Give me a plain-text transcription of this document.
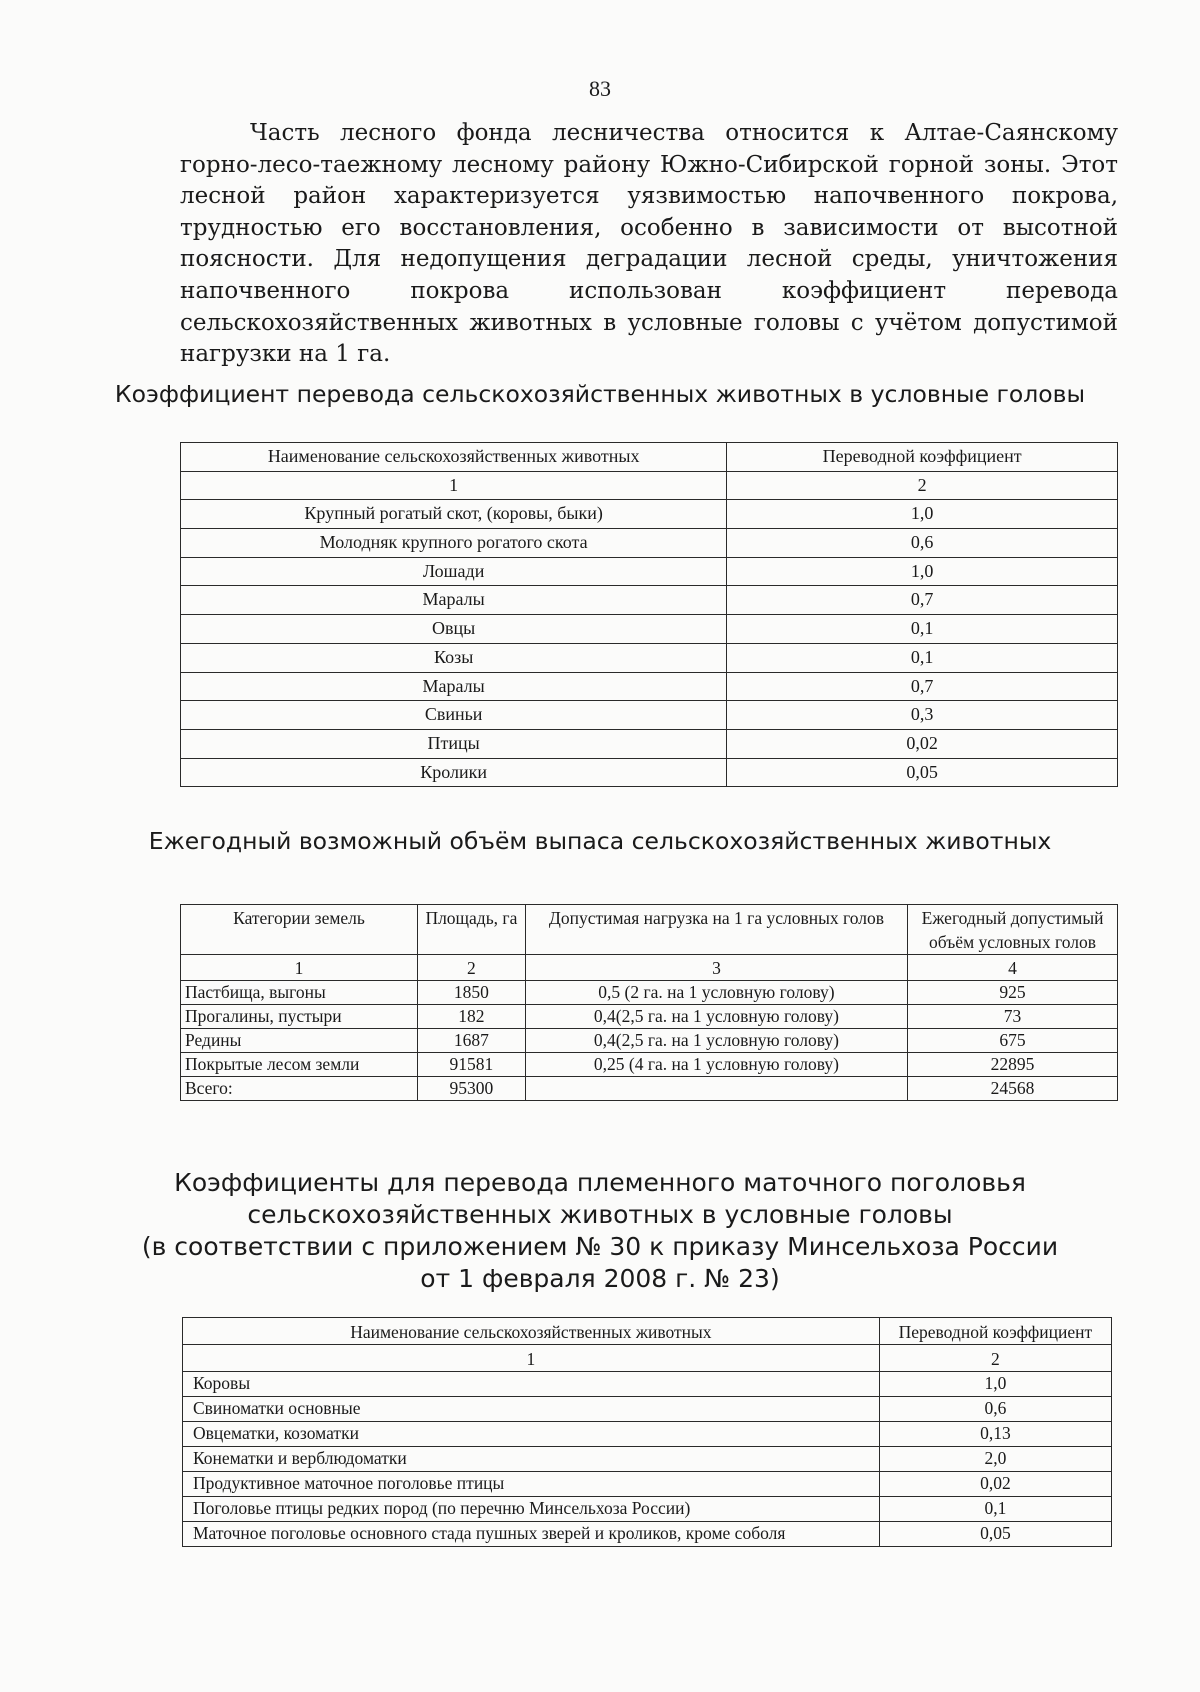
83

Часть лесного фонда лесничества относится к Алтае-Саянскому горно-лесо-таежному лесному району Южно-Сибирской горной зоны. Этот лесной район характеризуется уязвимостью напочвенного покрова, трудностью его восстановления, особенно в зависимости от высотной поясности. Для недопущения деградации лесной среды, уничтожения напочвенного покрова использован коэффициент перевода сельскохозяйственных животных в условные головы с учётом допустимой нагрузки на 1 га.

Коэффициент перевода сельскохозяйственных животных в условные головы
Наименование сельскохозяйственных животных	Переводной коэффициент
1	2
Крупный рогатый скот, (коровы, быки)	1,0
Молодняк крупного рогатого скота	0,6
Лошади	1,0
Маралы	0,7
Овцы	0,1
Козы	0,1
Маралы	0,7
Свиньи	0,3
Птицы	0,02
Кролики	0,05
Ежегодный возможный объём выпаса сельскохозяйственных животных
Категории земель	Площадь, га	Допустимая нагрузка на 1 га условных голов	Ежегодный допустимый объём условных голов
1	2	3	4
Пастбища, выгоны	1850	0,5 (2 га. на 1 условную голову)	925
Прогалины, пустыри	182	0,4(2,5 га. на 1 условную голову)	73
Редины	1687	0,4(2,5 га. на 1 условную голову)	675
Покрытые лесом земли	91581	0,25 (4 га. на 1 условную голову)	22895
Всего:	95300		24568
Коэффициенты для перевода племенного маточного поголовья
сельскохозяйственных животных в условные головы
(в соответствии с приложением № 30 к приказу Минсельхоза России
от 1 февраля 2008 г. № 23)
Наименование сельскохозяйственных животных	Переводной коэффициент
1	2
Коровы	1,0
Свиноматки основные	0,6
Овцематки, козоматки	0,13
Конематки и верблюдоматки	2,0
Продуктивное маточное поголовье птицы	0,02
Поголовье птицы редких пород (по перечню Минсельхоза России)	0,1
Маточное поголовье основного стада пушных зверей и кроликов, кроме соболя	0,05
